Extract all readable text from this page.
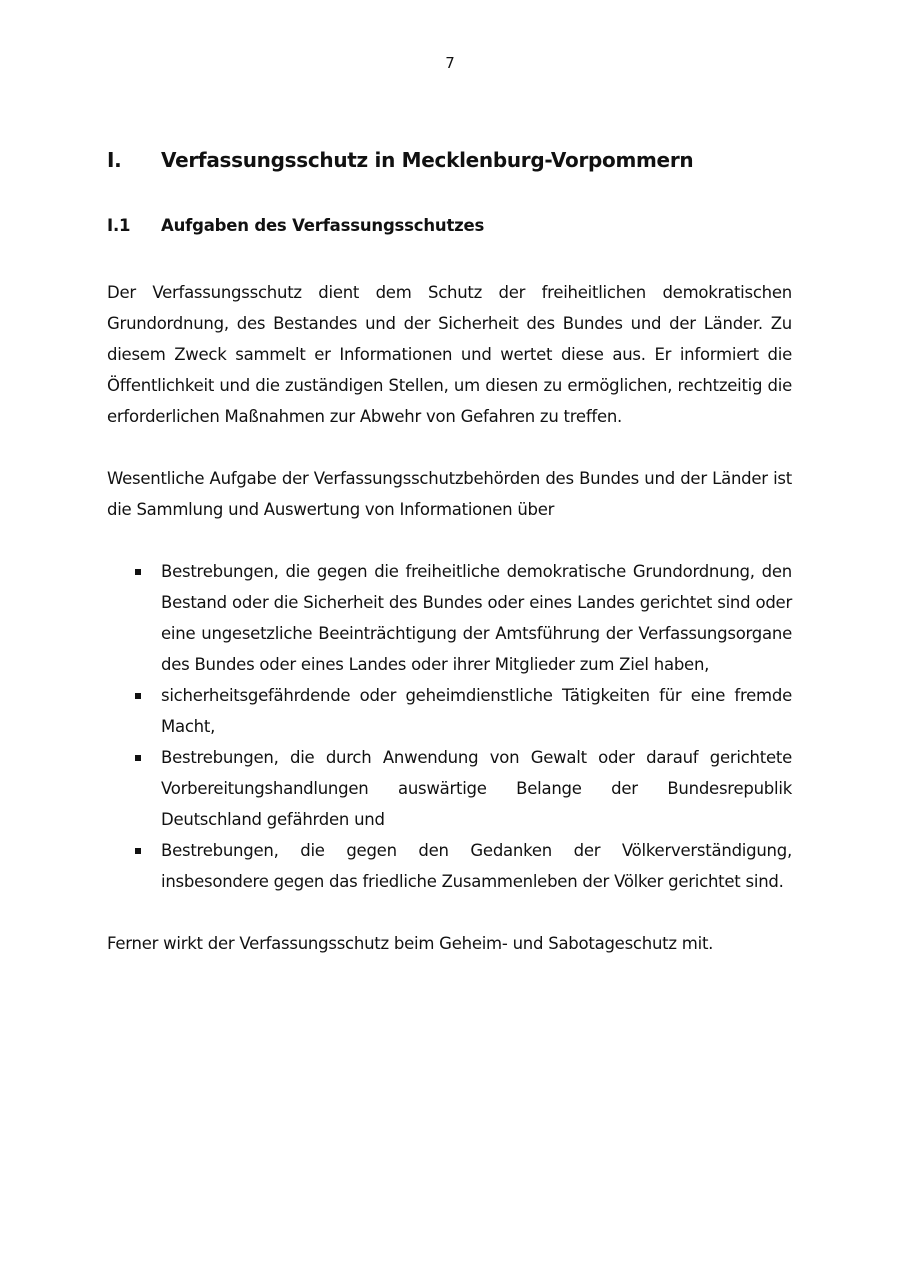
7
I.	Verfassungsschutz in Mecklenburg-Vorpommern
I.1	Aufgaben des Verfassungsschutzes

Der Verfassungsschutz dient dem Schutz der freiheitlichen demokratischen Grundordnung, des Bestandes und der Sicherheit des Bundes und der Länder. Zu diesem Zweck sammelt er Informationen und wertet diese aus. Er informiert die Öffentlichkeit und die zuständigen Stellen, um diesen zu ermöglichen, rechtzeitig die erforderlichen Maßnahmen zur Abwehr von Gefahren zu treffen.

Wesentliche Aufgabe der Verfassungsschutzbehörden des Bundes und der Länder ist die Sammlung und Auswertung von Informationen über

Bestrebungen, die gegen die freiheitliche demokratische Grundordnung, den Bestand oder die Sicherheit des Bundes oder eines Landes gerichtet sind oder eine ungesetzliche Beeinträchtigung der Amtsführung der Verfassungsorgane des Bundes oder eines Landes oder ihrer Mitglieder zum Ziel haben,
sicherheitsgefährdende oder geheimdienstliche Tätigkeiten für eine fremde Macht,
Bestrebungen, die durch Anwendung von Gewalt oder darauf gerichtete Vorbereitungshandlungen auswärtige Belange der Bundesrepublik Deutschland gefährden und
Bestrebungen, die gegen den Gedanken der Völkerverständigung, insbesondere gegen das friedliche Zusammenleben der Völker gerichtet sind.

Ferner wirkt der Verfassungsschutz beim Geheim- und Sabotageschutz mit.
